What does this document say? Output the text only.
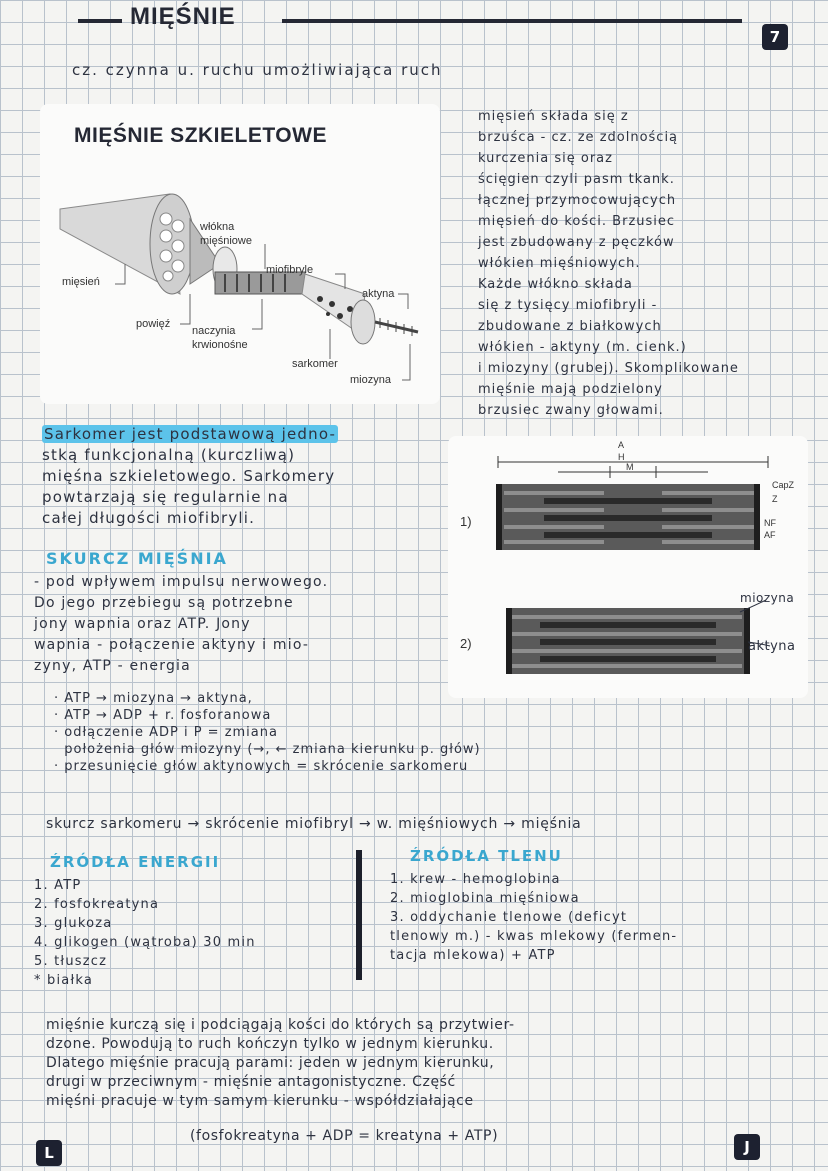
MIĘŚNIE
7
cz. czynna u. ruchu umożliwiająca ruch
MIĘŚNIE SZKIELETOWE
mięsień
powięź
włókna mięśniowe
naczynia krwionośne
miofibryle
aktyna
sarkomer
miozyna
mięsień składa się z
brzuśca - cz. ze zdolnością
kurczenia się oraz
ścięgien czyli pasm tkank.
łącznej przymocowujących
mięsień do kości. Brzusiec
jest zbudowany z pęczków
włókien mięśniowych.
Każde włókno składa
się z tysięcy miofibryli -
zbudowane z białkowych
włókien - aktyny (m. cienk.)
i miozyny (grubej). Skomplikowane
mięśnie mają podzielony
brzusiec zwany głowami.
Sarkomer jest podstawową jedno-
stką funkcjonalną (kurczliwą)
mięśna szkieletowego. Sarkomery
powtarzają się regularnie na
całej długości miofibryli.	1)
2)
A
H
M
CapZ
Z
NF
AF
miozyna
aktyna
SKURCZ MIĘŚNIA
- pod wpływem impulsu nerwowego.
Do jego przebiegu są potrzebne
jony wapnia oraz ATP. Jony
wapnia - połączenie aktyny i mio-
zyny, ATP - energia
· ATP → miozyna → aktyna,
· ATP → ADP + r. fosforanowa
· odłączenie ADP i P = zmiana
położenia głów miozyny (→, ← zmiana kierunku p. głów)
· przesunięcie głów aktynowych = skrócenie sarkomeru
skurcz sarkomeru → skrócenie miofibryl → w. mięśniowych → mięśnia
ŹRÓDŁA ENERGII
1. ATP
2. fosfokreatyna
3. glukoza
4. glikogen (wątroba) 30 min
5. tłuszcz
* białka
ŹRÓDŁA TLENU
1. krew - hemoglobina
2. mioglobina mięśniowa
3. oddychanie tlenowe (deficyt
tlenowy m.) - kwas mlekowy (fermen-
tacja mlekowa) + ATP
mięśnie kurczą się i podciągają kości do których są przytwier-
dzone. Powodują to ruch kończyn tylko w jednym kierunku.
Dlatego mięśnie pracują parami: jeden w jednym kierunku,
drugi w przeciwnym - mięśnie antagonistyczne. Część
mięśni pracuje w tym samym kierunku - współdziałające
(fosfokreatyna + ADP = kreatyna + ATP)
L	J
